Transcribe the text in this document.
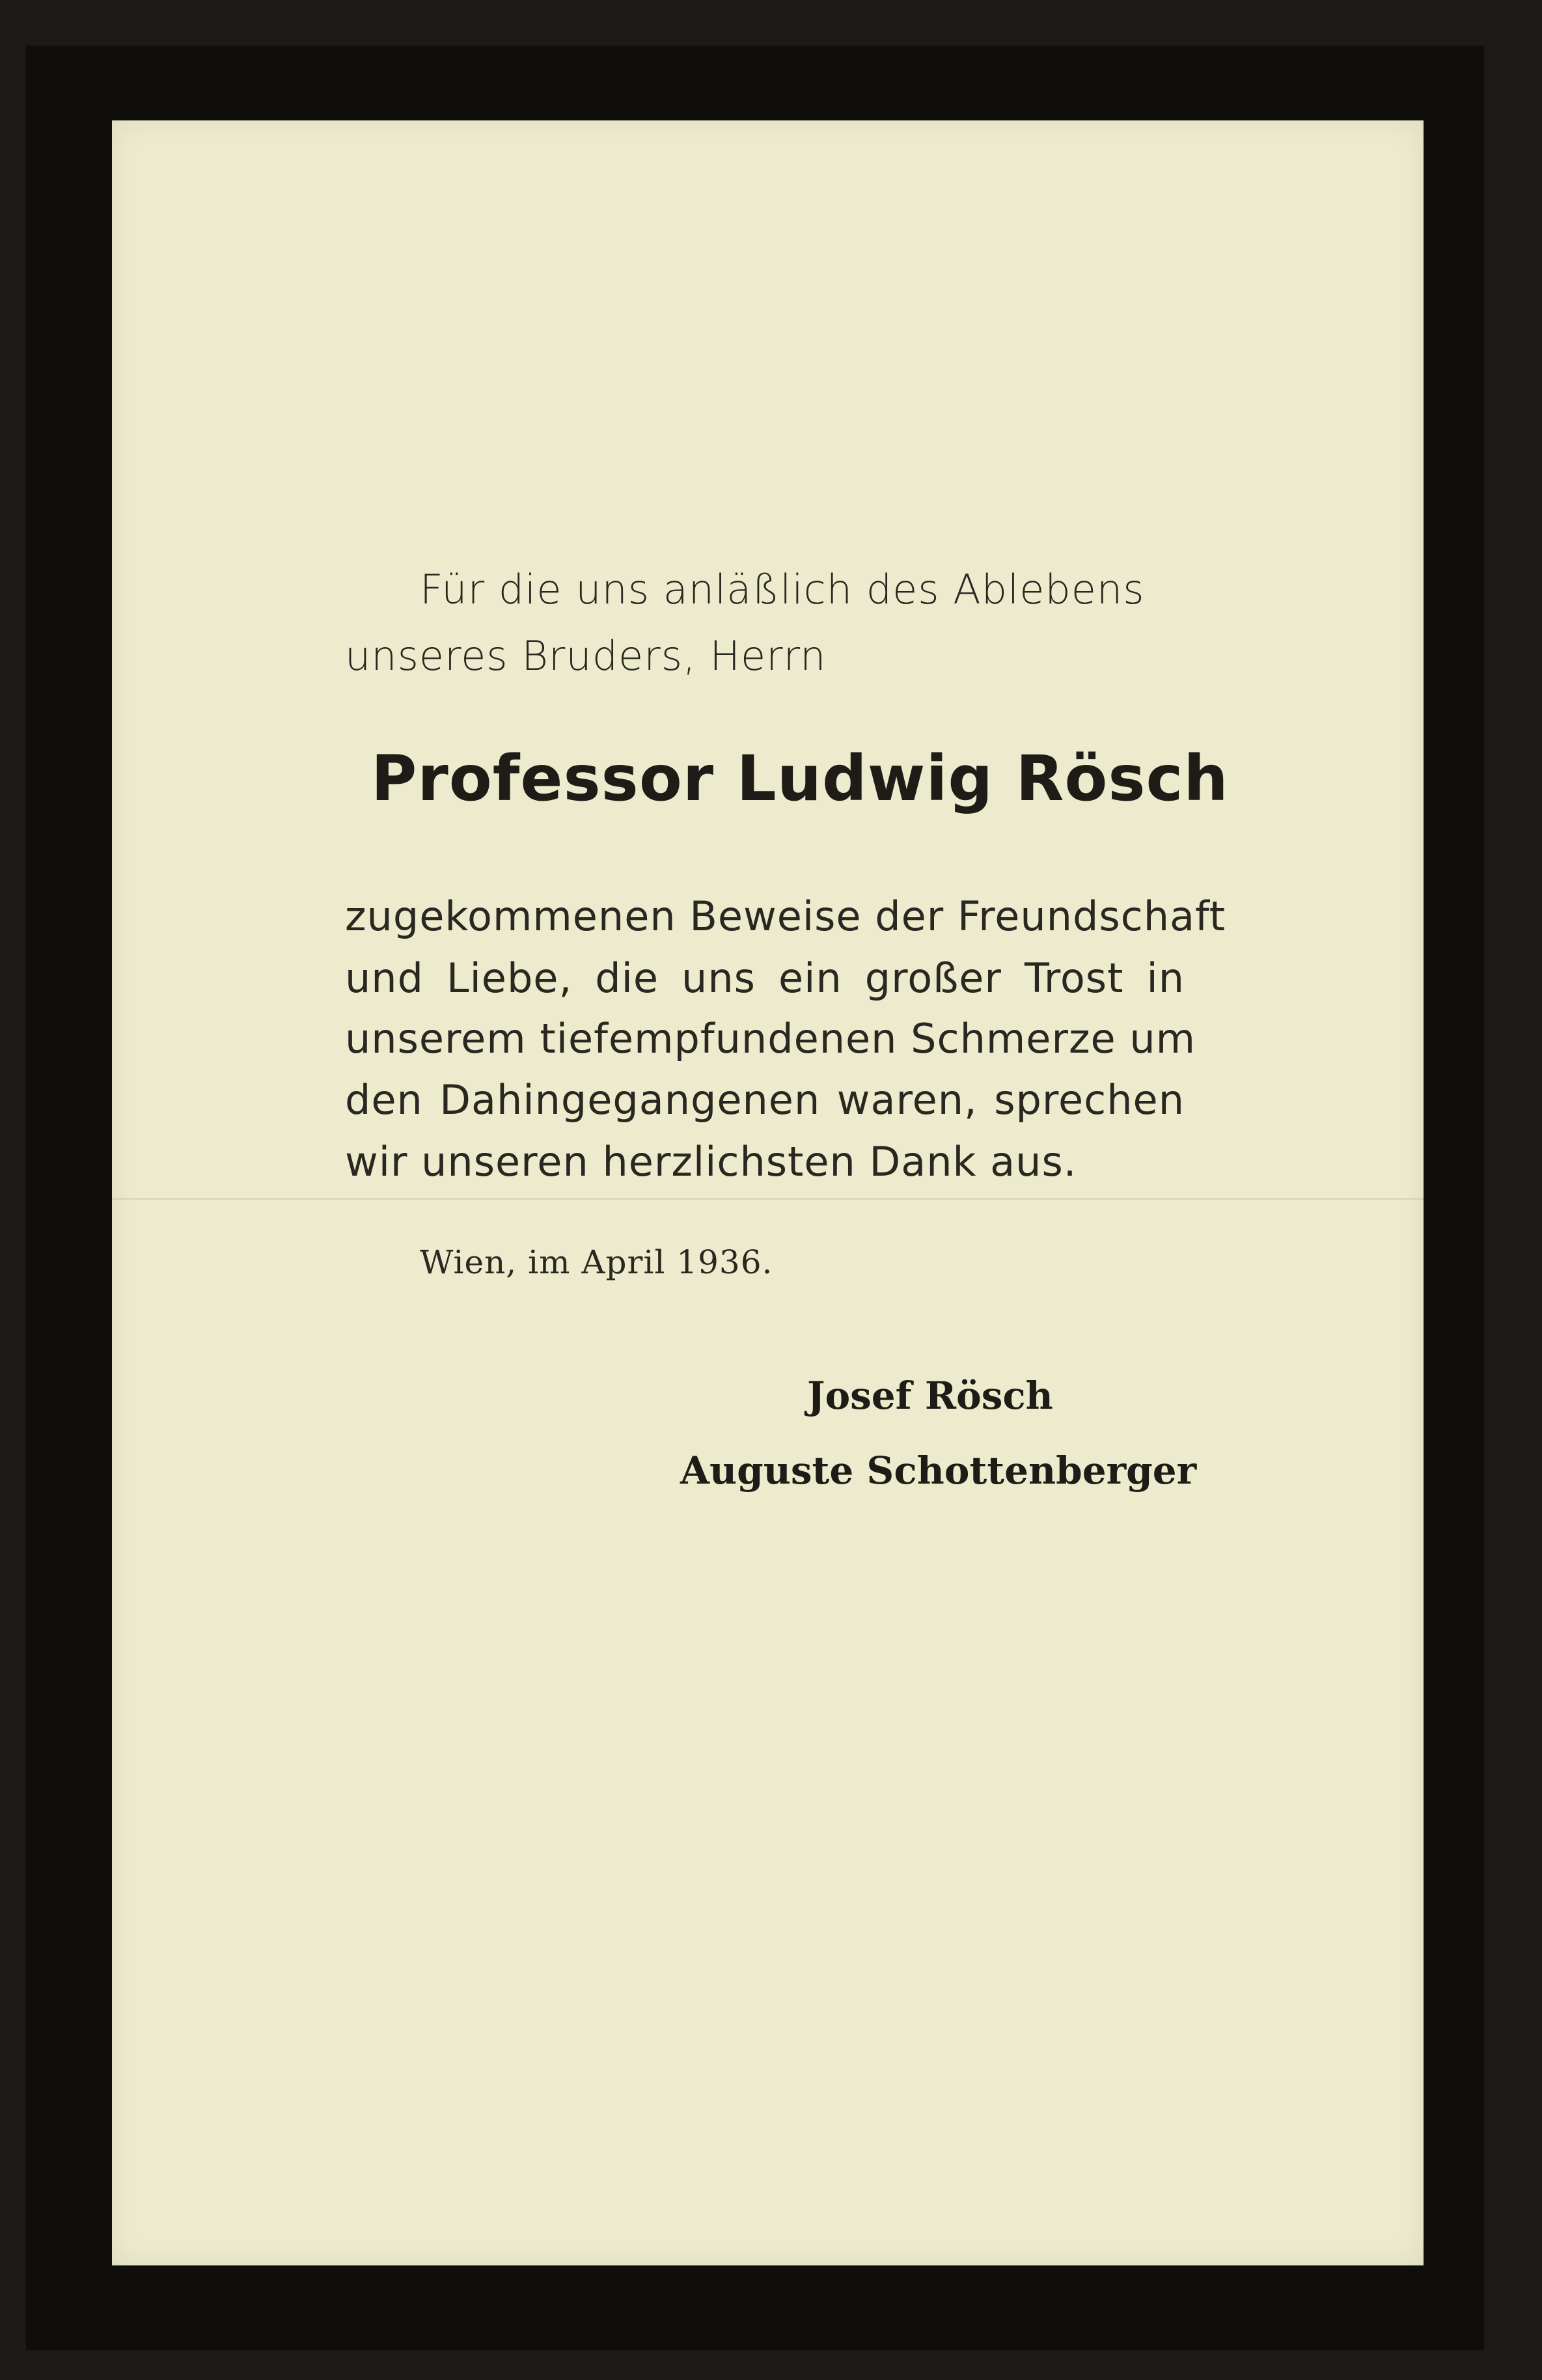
Für die uns anläßlich des Ablebens
unseres Bruders, Herrn
Professor Ludwig Rösch
zugekommenen Beweise der Freundschaft
und Liebe, die uns ein großer Trost in
unserem tiefempfundenen Schmerze um
den Dahingegangenen waren, sprechen
wir unseren herzlichsten Dank aus.
Wien, im April 1936.
Josef Rösch
Auguste Schottenberger
